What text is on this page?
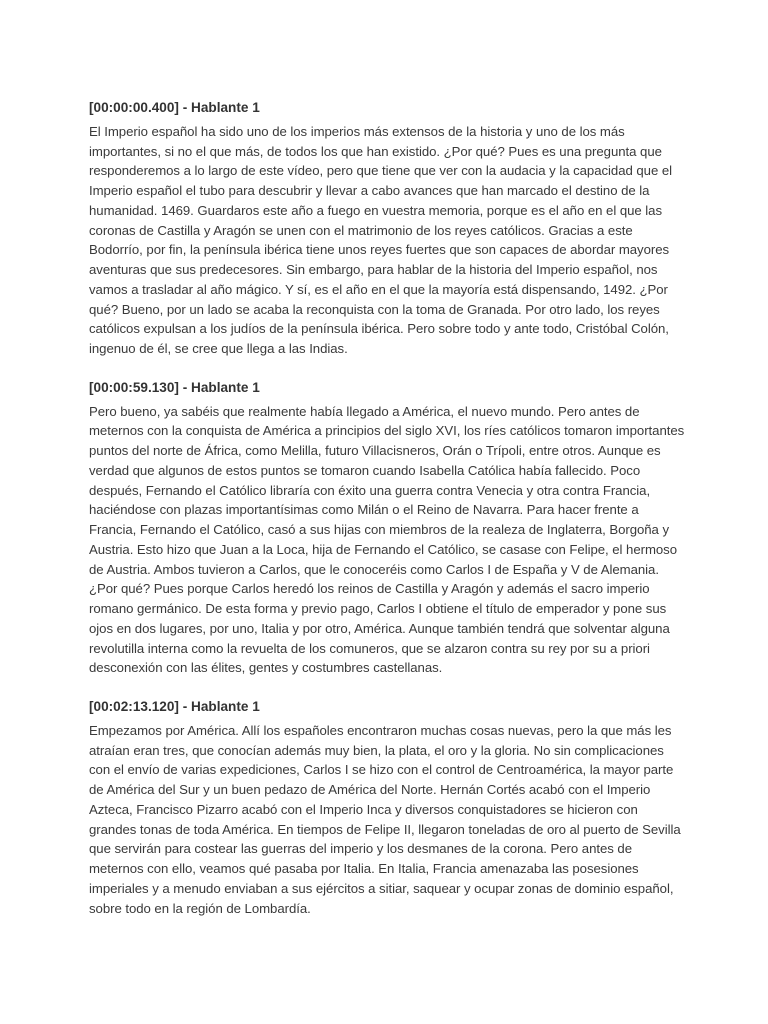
[00:00:00.400] - Hablante 1

El Imperio español ha sido uno de los imperios más extensos de la historia y uno de los más importantes, si no el que más, de todos los que han existido. ¿Por qué? Pues es una pregunta que responderemos a lo largo de este vídeo, pero que tiene que ver con la audacia y la capacidad que el Imperio español el tubo para descubrir y llevar a cabo avances que han marcado el destino de la humanidad. 1469. Guardaros este año a fuego en vuestra memoria, porque es el año en el que las coronas de Castilla y Aragón se unen con el matrimonio de los reyes católicos. Gracias a este Bodorrío, por fin, la península ibérica tiene unos reyes fuertes que son capaces de abordar mayores aventuras que sus predecesores. Sin embargo, para hablar de la historia del Imperio español, nos vamos a trasladar al año mágico. Y sí, es el año en el que la mayoría está dispensando, 1492. ¿Por qué? Bueno, por un lado se acaba la reconquista con la toma de Granada. Por otro lado, los reyes católicos expulsan a los judíos de la península ibérica. Pero sobre todo y ante todo, Cristóbal Colón, ingenuo de él, se cree que llega a las Indias.

[00:00:59.130] - Hablante 1

Pero bueno, ya sabéis que realmente había llegado a América, el nuevo mundo. Pero antes de meternos con la conquista de América a principios del siglo XVI, los ríes católicos tomaron importantes puntos del norte de África, como Melilla, futuro Villacisneros, Orán o Trípoli, entre otros. Aunque es verdad que algunos de estos puntos se tomaron cuando Isabella Católica había fallecido. Poco después, Fernando el Católico libraría con éxito una guerra contra Venecia y otra contra Francia, haciéndose con plazas importantísimas como Milán o el Reino de Navarra. Para hacer frente a Francia, Fernando el Católico, casó a sus hijas con miembros de la realeza de Inglaterra, Borgoña y Austria. Esto hizo que Juan a la Loca, hija de Fernando el Católico, se casase con Felipe, el hermoso de Austria. Ambos tuvieron a Carlos, que le conoceréis como Carlos I de España y V de Alemania. ¿Por qué? Pues porque Carlos heredó los reinos de Castilla y Aragón y además el sacro imperio romano germánico. De esta forma y previo pago, Carlos I obtiene el título de emperador y pone sus ojos en dos lugares, por uno, Italia y por otro, América. Aunque también tendrá que solventar alguna revolutilla interna como la revuelta de los comuneros, que se alzaron contra su rey por su a priori desconexión con las élites, gentes y costumbres castellanas.

[00:02:13.120] - Hablante 1

Empezamos por América. Allí los españoles encontraron muchas cosas nuevas, pero la que más les atraían eran tres, que conocían además muy bien, la plata, el oro y la gloria. No sin complicaciones con el envío de varias expediciones, Carlos I se hizo con el control de Centroamérica, la mayor parte de América del Sur y un buen pedazo de América del Norte. Hernán Cortés acabó con el Imperio Azteca, Francisco Pizarro acabó con el Imperio Inca y diversos conquistadores se hicieron con grandes tonas de toda América. En tiempos de Felipe II, llegaron toneladas de oro al puerto de Sevilla que servirán para costear las guerras del imperio y los desmanes de la corona. Pero antes de meternos con ello, veamos qué pasaba por Italia. En Italia, Francia amenazaba las posesiones imperiales y a menudo enviaban a sus ejércitos a sitiar, saquear y ocupar zonas de dominio español, sobre todo en la región de Lombardía.
